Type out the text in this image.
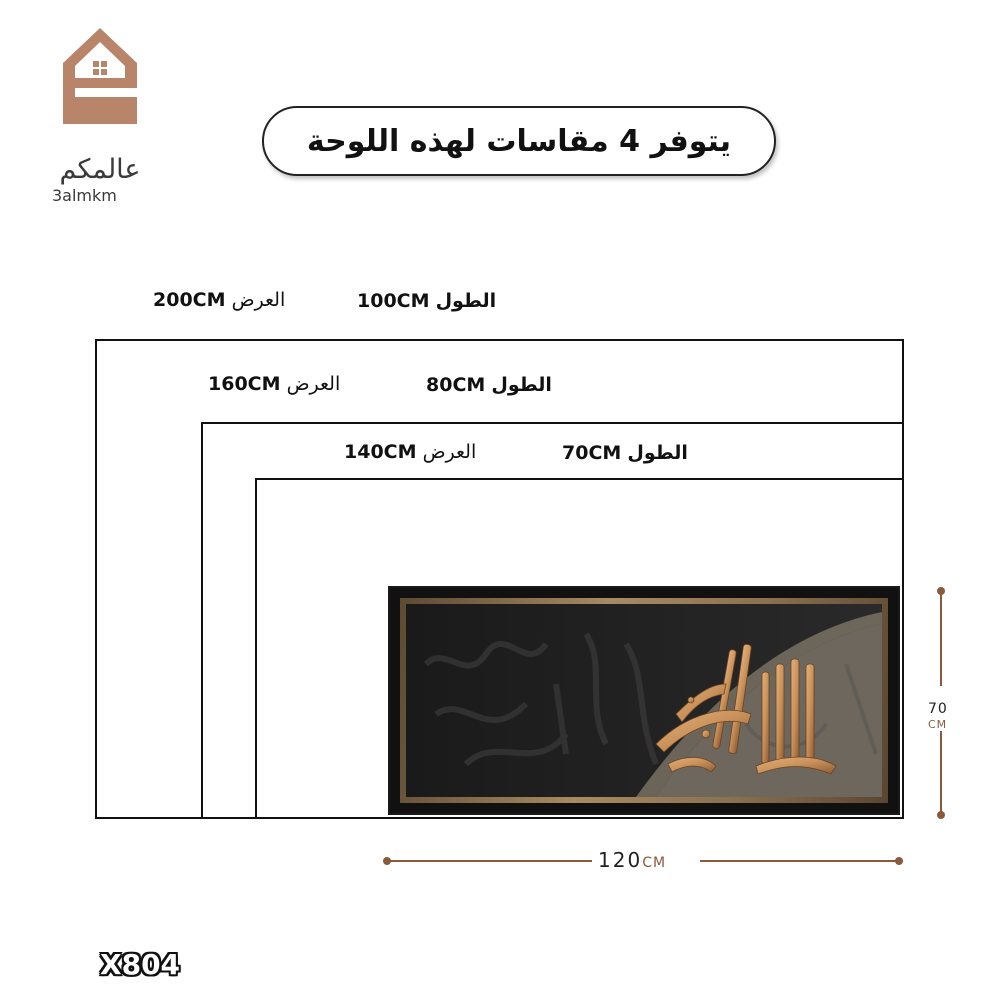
عالمكم
3almkm
يتوفر 4 مقاسات لهذه اللوحة
200CM العرض	100CM الطول
160CM العرض	80CM الطول
140CM العرض	70CM الطول
70
CM
120CM
X804
